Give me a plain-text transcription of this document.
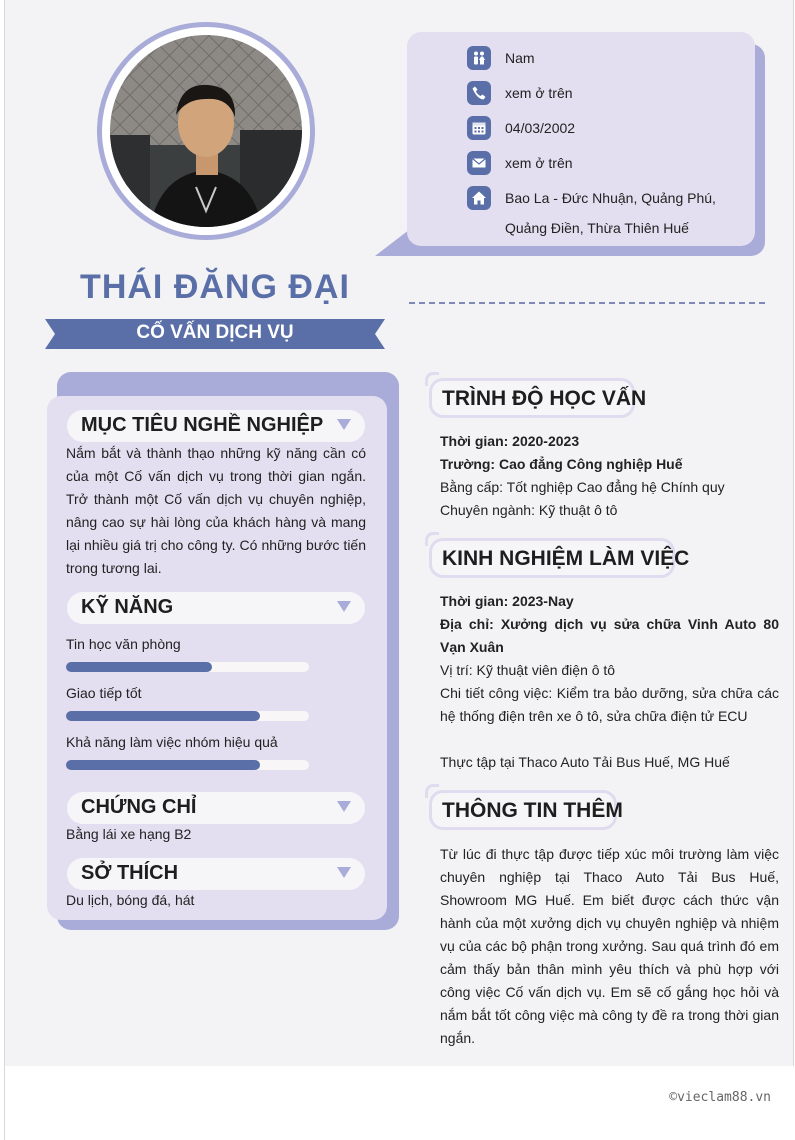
Nam
xem ở trên
04/03/2002
xem ở trên
Bao La - Đức Nhuận, Quảng Phú,
Quảng Điền, Thừa Thiên Huế
THÁI ĐĂNG ĐẠI
CỐ VẤN DỊCH VỤ
MỤC TIÊU NGHỀ NGHIỆP
Nắm bắt và thành thạo những kỹ năng cần có của một Cố vấn dịch vụ trong thời gian ngắn. Trở thành một Cố vấn dịch vụ chuyên nghiệp, nâng cao sự hài lòng của khách hàng và mang lại nhiều giá trị cho công ty. Có những bước tiến trong tương lai.
KỸ NĂNG
Tin học văn phòng
Giao tiếp tốt
Khả năng làm việc nhóm hiệu quả
CHỨNG CHỈ
Bằng lái xe hạng B2
SỞ THÍCH
Du lịch, bóng đá, hát
TRÌNH ĐỘ HỌC VẤN
Thời gian: 2020-2023
Trường: Cao đẳng Công nghiệp Huế
Bằng cấp: Tốt nghiệp Cao đẳng hệ Chính quy
Chuyên ngành: Kỹ thuật ô tô
KINH NGHIỆM LÀM VIỆC
Thời gian: 2023-Nay
Địa chỉ: Xưởng dịch vụ sửa chữa Vinh Auto 80 Vạn Xuân
Vị trí: Kỹ thuật viên điện ô tô
Chi tiết công việc: Kiểm tra bảo dưỡng, sửa chữa các hệ thống điện trên xe ô tô, sửa chữa điện tử ECU
Thực tập tại Thaco Auto Tải Bus Huế, MG Huế
THÔNG TIN THÊM
Từ lúc đi thực tập được tiếp xúc môi trường làm việc chuyên nghiệp tại Thaco Auto Tải Bus Huế, Showroom MG Huế. Em biết được cách thức vận hành của một xưởng dịch vụ chuyên nghiệp và nhiệm vụ của các bộ phận trong xưởng. Sau quá trình đó em cảm thấy bản thân mình yêu thích và phù hợp với công việc Cố vấn dịch vụ. Em sẽ cố gắng học hỏi và nắm bắt tốt công việc mà công ty đề ra trong thời gian ngắn.
©vieclam88.vn
